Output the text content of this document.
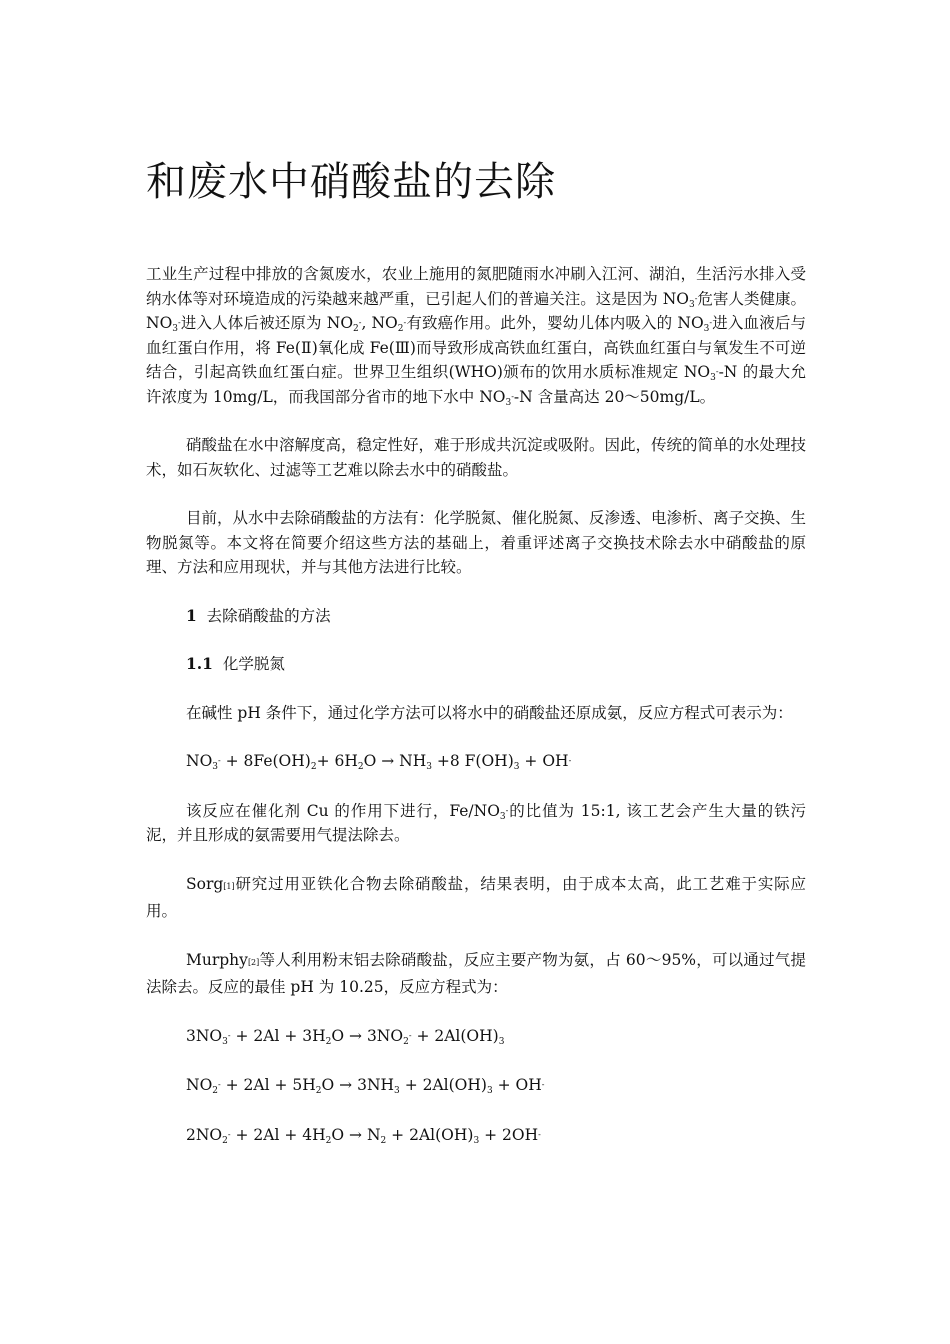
和废水中硝酸盐的去除

工业生产过程中排放的含氮废水，农业上施用的氮肥随雨水冲刷入江河、湖泊，生活污水排入受纳水体等对环境造成的污染越来越严重，已引起人们的普遍关注。这是因为 $NO_3^-$危害人类健康。$NO_3^-$进入人体后被还原为 $NO_2^-$, $NO_2^-$有致癌作用。此外，婴幼儿体内吸入的 $NO_3^-$进入血液后与血红蛋白作用，将 Fe(Ⅱ)氧化成 Fe(Ⅲ)而导致形成高铁血红蛋白，高铁血红蛋白与氧发生不可逆结合，引起高铁血红蛋白症。世界卫生组织(WHO)颁布的饮用水质标准规定 $NO_3^--N$ 的最大允许浓度为 10mg/L，而我国部分省市的地下水中 $NO_3^--N$ 含量高达 20～50mg/L。

硝酸盐在水中溶解度高，稳定性好，难于形成共沉淀或吸附。因此，传统的简单的水处理技术，如石灰软化、过滤等工艺难以除去水中的硝酸盐。

目前，从水中去除硝酸盐的方法有：化学脱氮、催化脱氮、反渗透、电渗析、离子交换、生物脱氮等。本文将在简要介绍这些方法的基础上，着重评述离子交换技术除去水中硝酸盐的原理、方法和应用现状，并与其他方法进行比较。

1 去除硝酸盐的方法

1.1 化学脱氮

在碱性 pH 条件下，通过化学方法可以将水中的硝酸盐还原成氨，反应方程式可表示为：

$NO_3^- + 8Fe(OH)_2+ 6H_2O \to NH_3 +8$ $F(OH)_3 + OH^-$

该反应在催化剂 Cu 的作用下进行，$Fe/NO_3^-$的比值为 15:1, 该工艺会产生大量的铁污泥，并且形成的氨需要用气提法除去。

Sorg[1]研究过用亚铁化合物去除硝酸盐，结果表明，由于成本太高，此工艺难于实际应用。

Murphy[2]等人利用粉末铝去除硝酸盐，反应主要产物为氨，占 60～95%，可以通过气提法除去。反应的最佳 pH 为 10.25，反应方程式为：

$3NO_3^- + 2Al + 3H_2O \to 3NO_2^- + 2Al(OH)_3$

$NO_2^- + 2Al + 5H_2O \to 3NH_3 + 2Al(OH)_3 + OH^-$

$2NO_2^- + 2Al + 4H_2O \to N_2 + 2Al(OH)_3 + 2OH^-$
